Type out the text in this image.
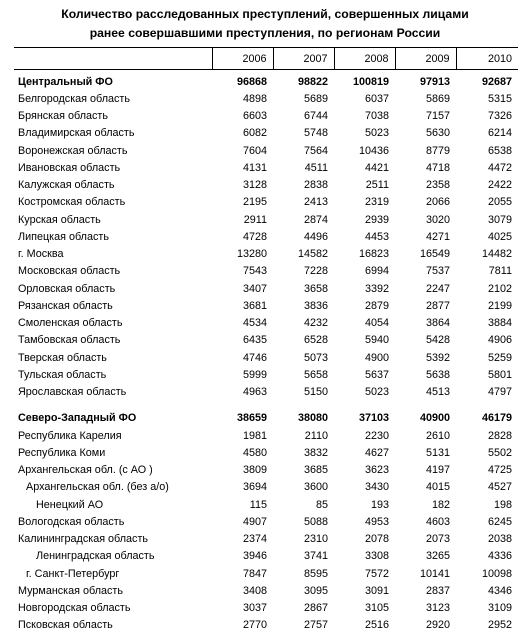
Количество расследованных преступлений, совершенных лицами
ранее совершавшими преступления, по регионам России
	2006	2007	2008	2009	2010
Центральный ФО	96868	98822	100819	97913	92687
Белгородская область	4898	5689	6037	5869	5315
Брянская область	6603	6744	7038	7157	7326
Владимирская область	6082	5748	5023	5630	6214
Воронежская область	7604	7564	10436	8779	6538
Ивановская область	4131	4511	4421	4718	4472
Калужская область	3128	2838	2511	2358	2422
Костромская область	2195	2413	2319	2066	2055
Курская область	2911	2874	2939	3020	3079
Липецкая область	4728	4496	4453	4271	4025
г. Москва	13280	14582	16823	16549	14482
Московская область	7543	7228	6994	7537	7811
Орловская область	3407	3658	3392	2247	2102
Рязанская область	3681	3836	2879	2877	2199
Смоленская область	4534	4232	4054	3864	3884
Тамбовская область	6435	6528	5940	5428	4906
Тверская область	4746	5073	4900	5392	5259
Тульская область	5999	5658	5637	5638	5801
Ярославская область	4963	5150	5023	4513	4797

Северо-Западный ФО	38659	38080	37103	40900	46179
Республика Карелия	1981	2110	2230	2610	2828
Республика Коми	4580	3832	4627	5131	5502
Архангельская обл. (с АО )	3809	3685	3623	4197	4725
Архангельская обл. (без а/о)	3694	3600	3430	4015	4527
Ненецкий АО	115	85	193	182	198
Вологодская область	4907	5088	4953	4603	6245
Калининградская область	2374	2310	2078	2073	2038
Ленинградская область	3946	3741	3308	3265	4336
г. Санкт-Петербург	7847	8595	7572	10141	10098
Мурманская область	3408	3095	3091	2837	4346
Новгородская область	3037	2867	3105	3123	3109
Псковская область	2770	2757	2516	2920	2952
